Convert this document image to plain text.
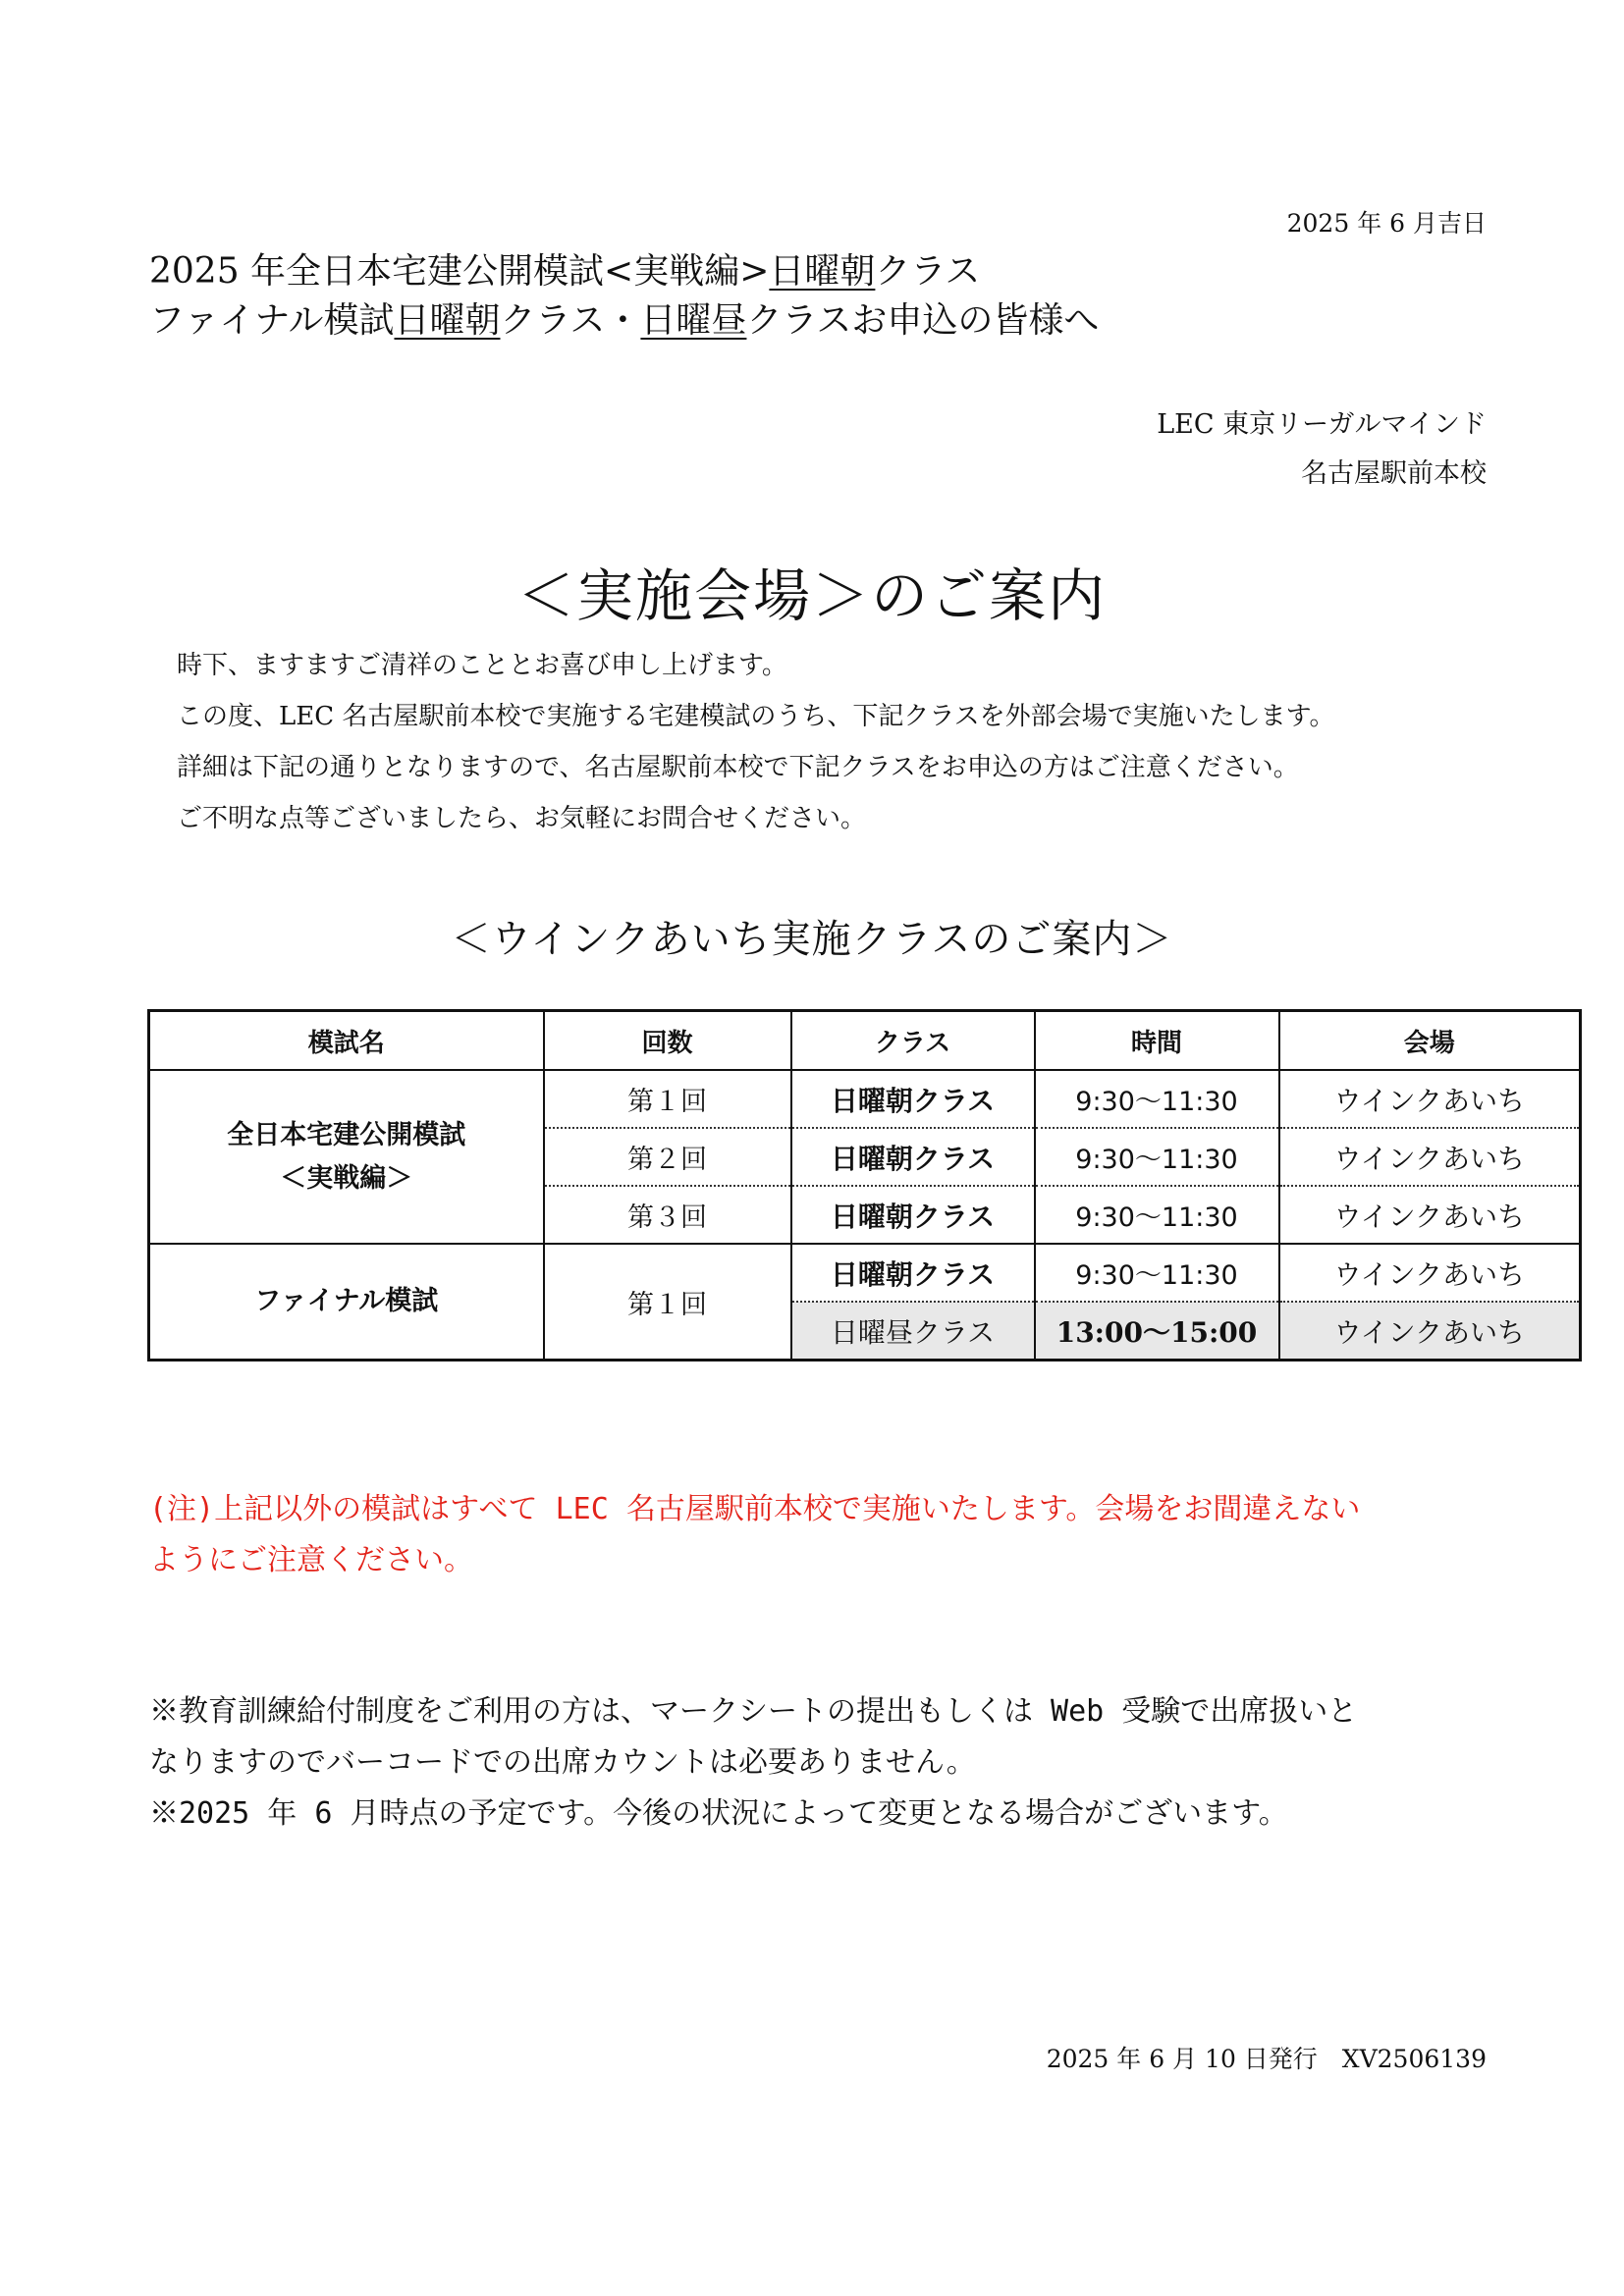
2025 年 6 月吉日
2025 年全日本宅建公開模試<実戦編>日曜朝クラス
ファイナル模試日曜朝クラス・日曜昼クラスお申込の皆様へ
LEC 東京リーガルマインド
名古屋駅前本校
＜実施会場＞のご案内
時下、ますますご清祥のこととお喜び申し上げます。
この度、LEC 名古屋駅前本校で実施する宅建模試のうち、下記クラスを外部会場で実施いたします。
詳細は下記の通りとなりますので、名古屋駅前本校で下記クラスをお申込の方はご注意ください。
ご不明な点等ございましたら、お気軽にお問合せください。
＜ウインクあいち実施クラスのご案内＞
模試名	回数	クラス	時間	会場

全日本宅建公開模試
＜実戦編＞	第１回	日曜朝クラス	9:30～11:30	ウインクあいち
	第２回	日曜朝クラス	9:30～11:30	ウインクあいち
	第３回	日曜朝クラス	9:30～11:30	ウインクあいち
ファイナル模試	第１回	日曜朝クラス	9:30～11:30	ウインクあいち
		日曜昼クラス	13:00～15:00	ウインクあいち
(注)上記以外の模試はすべて LEC 名古屋駅前本校で実施いたします。会場をお間違えない
ようにご注意ください。
※教育訓練給付制度をご利用の方は、マークシートの提出もしくは Web 受験で出席扱いと
なりますのでバーコードでの出席カウントは必要ありません。
※2025 年 6 月時点の予定です。今後の状況によって変更となる場合がございます。
2025 年 6 月 10 日発行　XV2506139
